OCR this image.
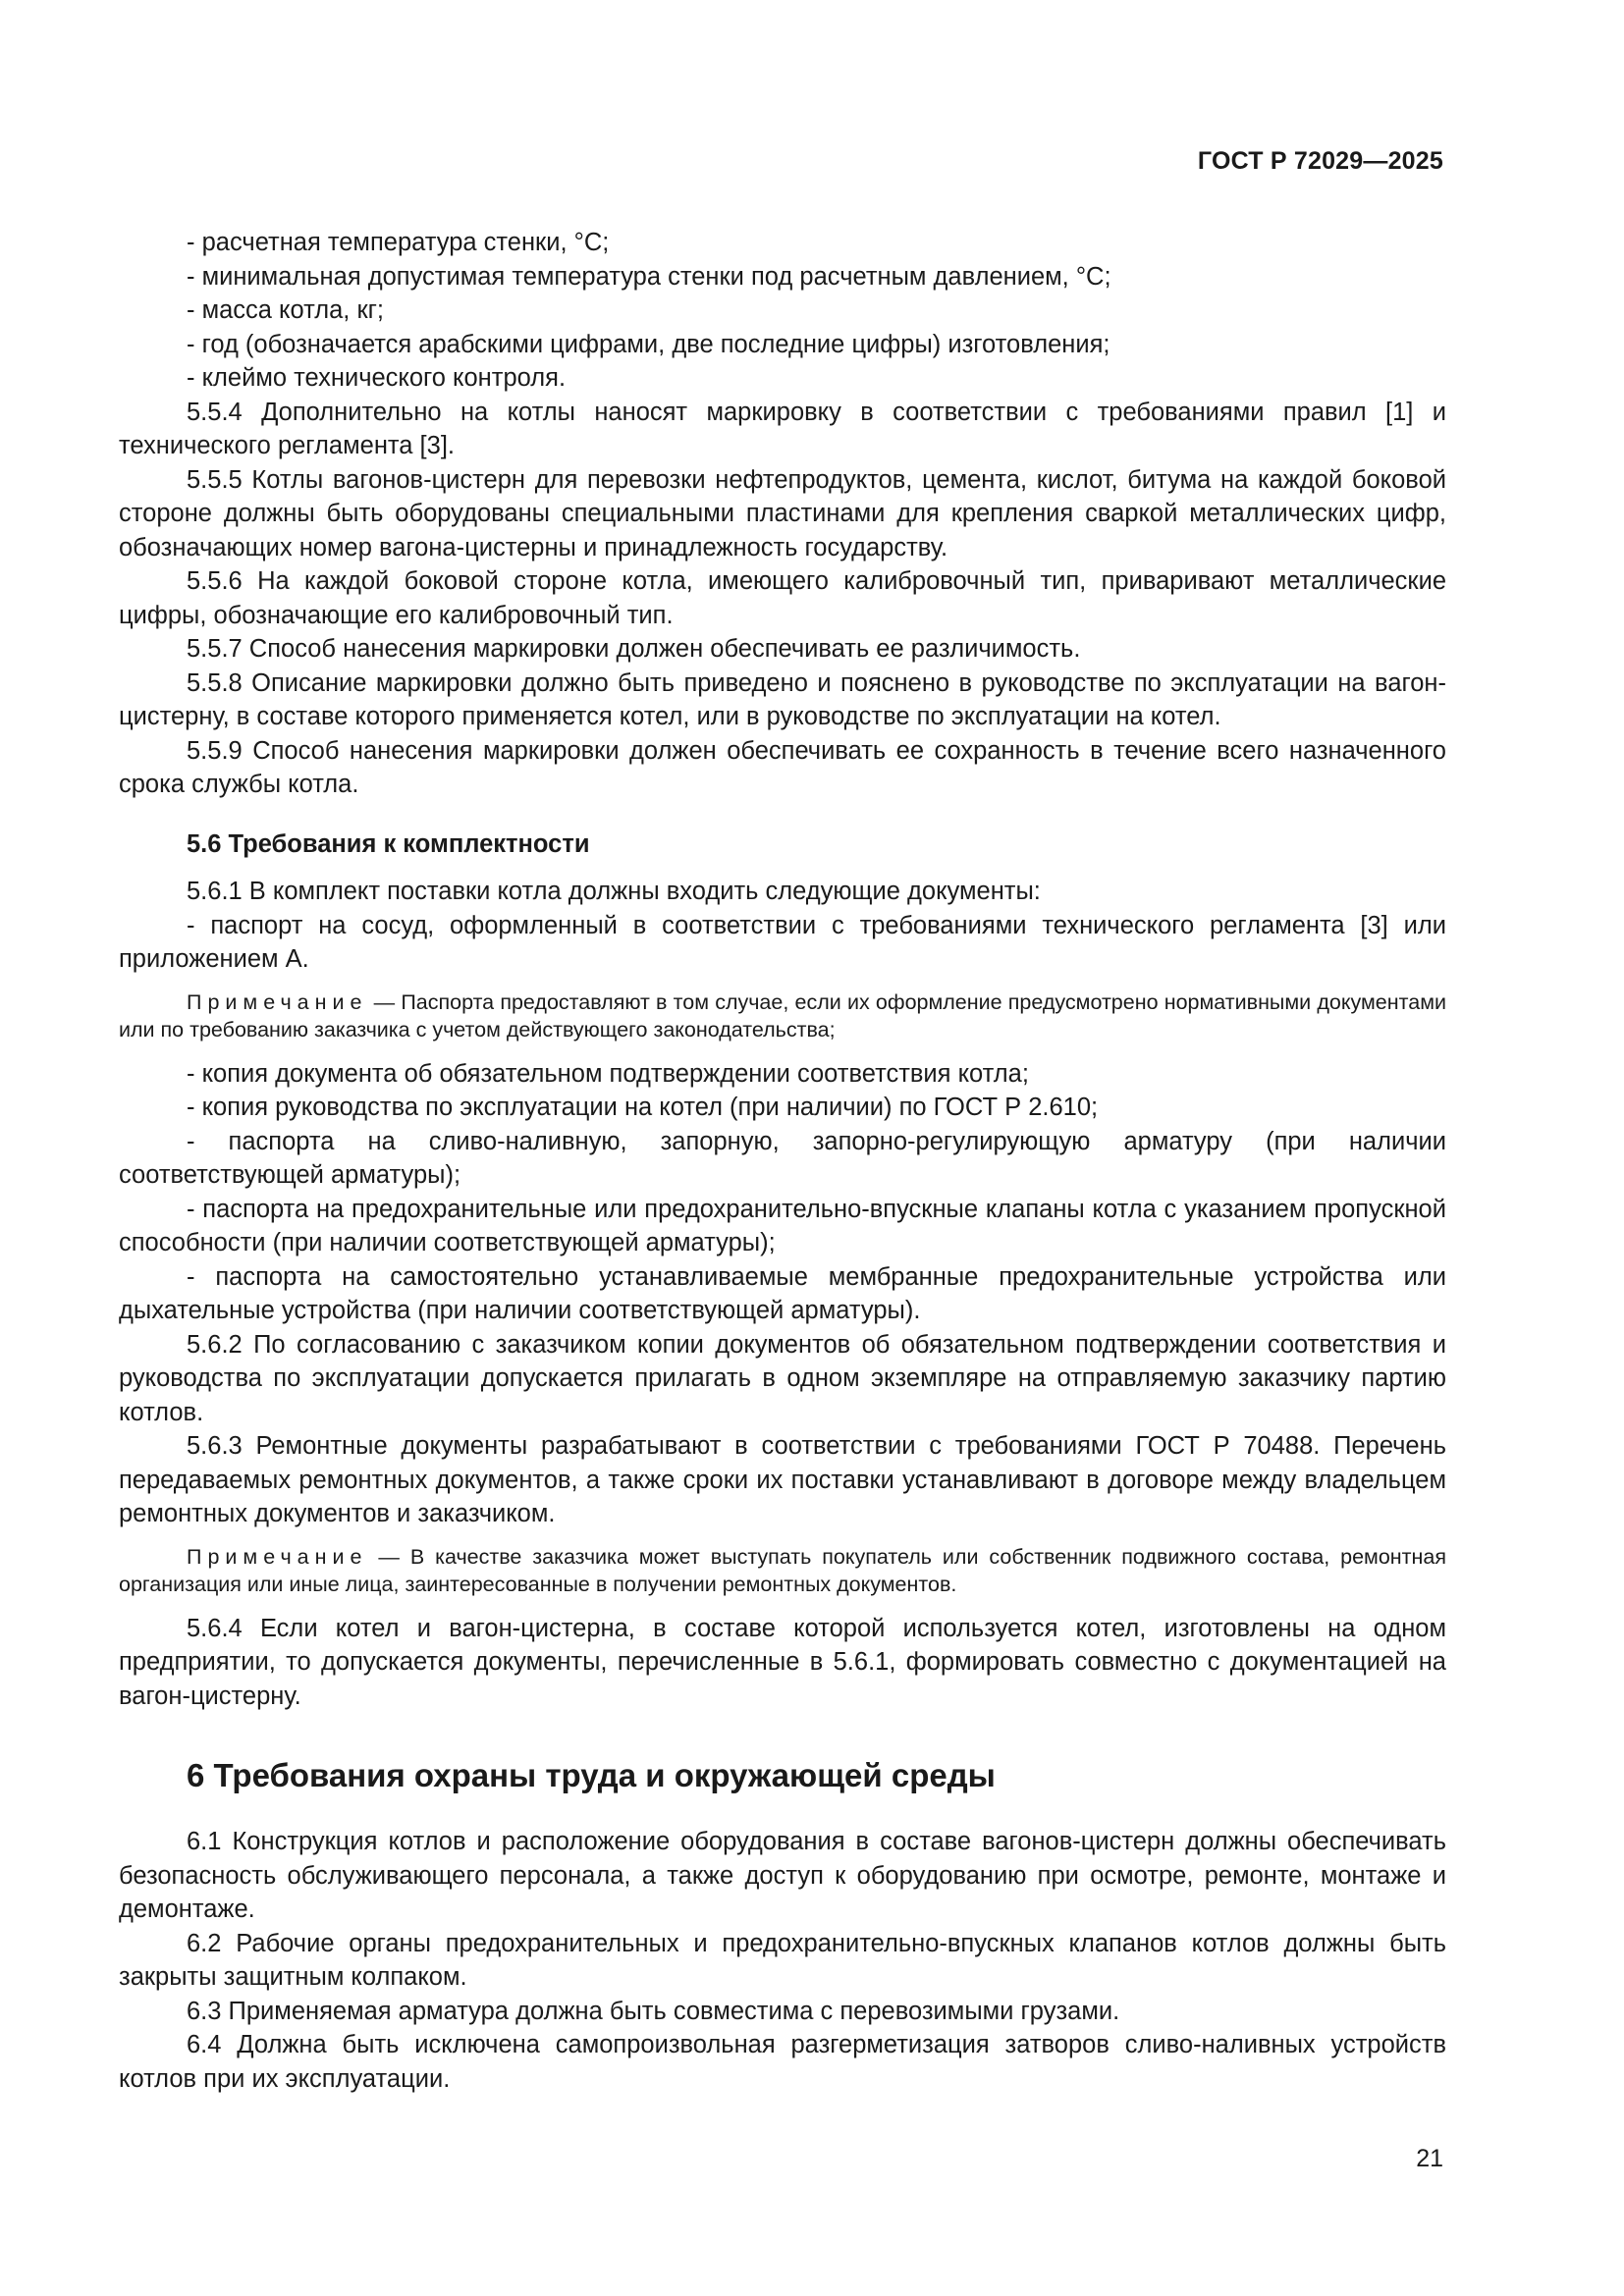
ГОСТ Р 72029—2025

- расчетная температура стенки, °С;

- минимальная допустимая температура стенки под расчетным давлением, °С;

- масса котла, кг;

- год (обозначается арабскими цифрами, две последние цифры) изготовления;

- клеймо технического контроля.

5.5.4 Дополнительно на котлы наносят маркировку в соответствии с требованиями правил [1] и технического регламента [3].

5.5.5 Котлы вагонов-цистерн для перевозки нефтепродуктов, цемента, кислот, битума на каждой боковой стороне должны быть оборудованы специальными пластинами для крепления сваркой металлических цифр, обозначающих номер вагона-цистерны и принадлежность государству.

5.5.6 На каждой боковой стороне котла, имеющего калибровочный тип, приваривают металлические цифры, обозначающие его калибровочный тип.

5.5.7 Способ нанесения маркировки должен обеспечивать ее различимость.

5.5.8 Описание маркировки должно быть приведено и пояснено в руководстве по эксплуатации на вагон-цистерну, в составе которого применяется котел, или в руководстве по эксплуатации на котел.

5.5.9 Способ нанесения маркировки должен обеспечивать ее сохранность в течение всего назначенного срока службы котла.

5.6 Требования к комплектности

5.6.1 В комплект поставки котла должны входить следующие документы:

- паспорт на сосуд, оформленный в соответствии с требованиями технического регламента [3] или приложением А.

Примечание — Паспорта предоставляют в том случае, если их оформление предусмотрено нормативными документами или по требованию заказчика с учетом действующего законодательства;

- копия документа об обязательном подтверждении соответствия котла;

- копия руководства по эксплуатации на котел (при наличии) по ГОСТ Р 2.610;

- паспорта на сливо-наливную, запорную, запорно-регулирующую арматуру (при наличии соответствующей арматуры);

- паспорта на предохранительные или предохранительно-впускные клапаны котла с указанием пропускной способности (при наличии соответствующей арматуры);

- паспорта на самостоятельно устанавливаемые мембранные предохранительные устройства или дыхательные устройства (при наличии соответствующей арматуры).

5.6.2 По согласованию с заказчиком копии документов об обязательном подтверждении соответствия и руководства по эксплуатации допускается прилагать в одном экземпляре на отправляемую заказчику партию котлов.

5.6.3 Ремонтные документы разрабатывают в соответствии с требованиями ГОСТ Р 70488. Перечень передаваемых ремонтных документов, а также сроки их поставки устанавливают в договоре между владельцем ремонтных документов и заказчиком.

Примечание — В качестве заказчика может выступать покупатель или собственник подвижного состава, ремонтная организация или иные лица, заинтересованные в получении ремонтных документов.

5.6.4 Если котел и вагон-цистерна, в составе которой используется котел, изготовлены на одном предприятии, то допускается документы, перечисленные в 5.6.1, формировать совместно с документацией на вагон-цистерну.

6 Требования охраны труда и окружающей среды

6.1 Конструкция котлов и расположение оборудования в составе вагонов-цистерн должны обеспечивать безопасность обслуживающего персонала, а также доступ к оборудованию при осмотре, ремонте, монтаже и демонтаже.

6.2 Рабочие органы предохранительных и предохранительно-впускных клапанов котлов должны быть закрыты защитным колпаком.

6.3 Применяемая арматура должна быть совместима с перевозимыми грузами.

6.4 Должна быть исключена самопроизвольная разгерметизация затворов сливо-наливных устройств котлов при их эксплуатации.

21
